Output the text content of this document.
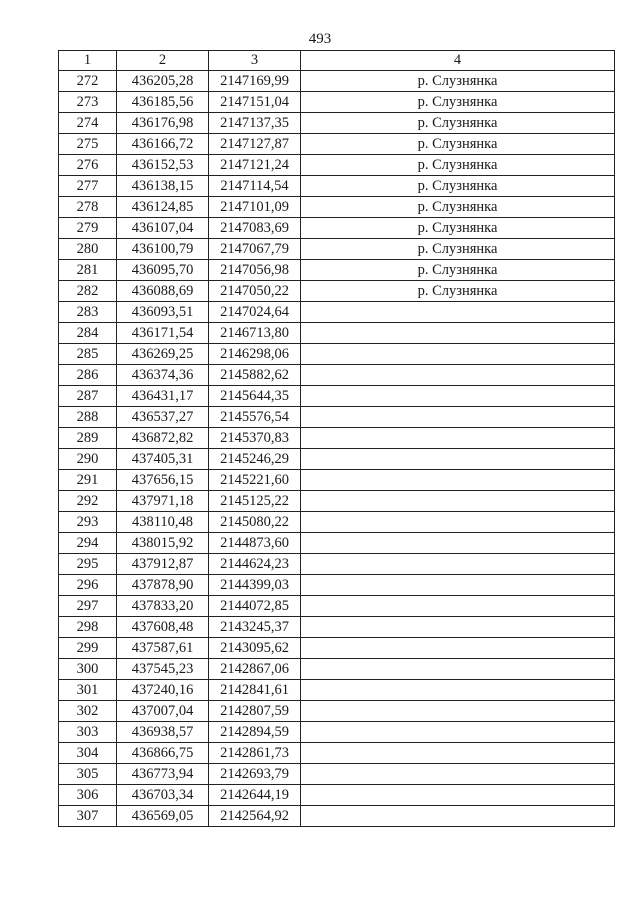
493
1	2	3	4
272	436205,28	2147169,99	р. Слузнянка
273	436185,56	2147151,04	р. Слузнянка
274	436176,98	2147137,35	р. Слузнянка
275	436166,72	2147127,87	р. Слузнянка
276	436152,53	2147121,24	р. Слузнянка
277	436138,15	2147114,54	р. Слузнянка
278	436124,85	2147101,09	р. Слузнянка
279	436107,04	2147083,69	р. Слузнянка
280	436100,79	2147067,79	р. Слузнянка
281	436095,70	2147056,98	р. Слузнянка
282	436088,69	2147050,22	р. Слузнянка
283	436093,51	2147024,64	
284	436171,54	2146713,80	
285	436269,25	2146298,06	
286	436374,36	2145882,62	
287	436431,17	2145644,35	
288	436537,27	2145576,54	
289	436872,82	2145370,83	
290	437405,31	2145246,29	
291	437656,15	2145221,60	
292	437971,18	2145125,22	
293	438110,48	2145080,22	
294	438015,92	2144873,60	
295	437912,87	2144624,23	
296	437878,90	2144399,03	
297	437833,20	2144072,85	
298	437608,48	2143245,37	
299	437587,61	2143095,62	
300	437545,23	2142867,06	
301	437240,16	2142841,61	
302	437007,04	2142807,59	
303	436938,57	2142894,59	
304	436866,75	2142861,73	
305	436773,94	2142693,79	
306	436703,34	2142644,19	
307	436569,05	2142564,92	
